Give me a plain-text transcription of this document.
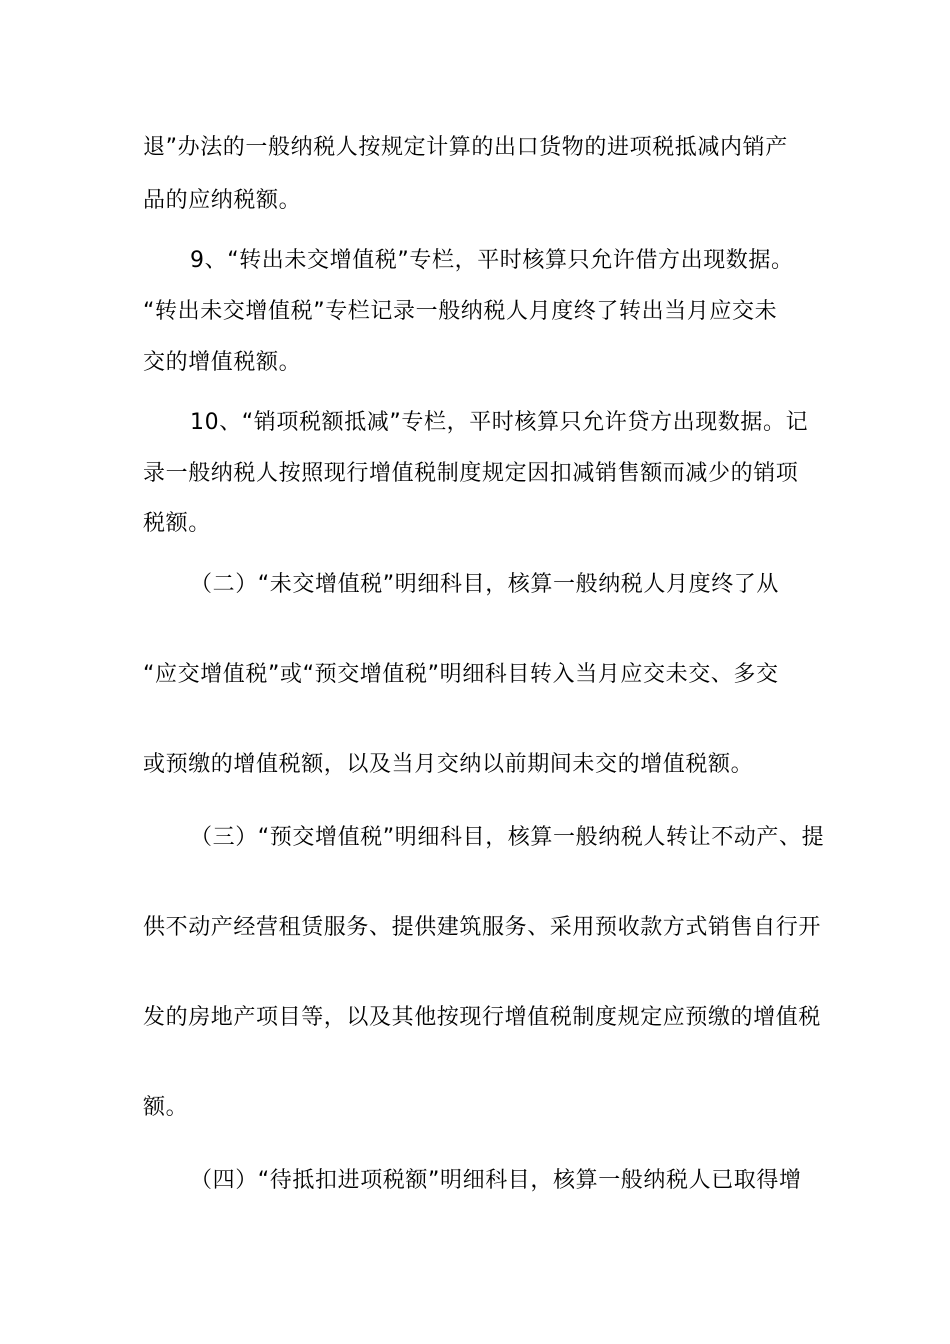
退”办法的一般纳税人按规定计算的出口货物的进项税抵减内销产
品的应纳税额。
9、“转出未交增值税”专栏，平时核算只允许借方出现数据。
“转出未交增值税”专栏记录一般纳税人月度终了转出当月应交未
交的增值税额。
10、“销项税额抵减”专栏，平时核算只允许贷方出现数据。记
录一般纳税人按照现行增值税制度规定因扣减销售额而减少的销项
税额。
（二）“未交增值税”明细科目，核算一般纳税人月度终了从
“应交增值税”或“预交增值税”明细科目转入当月应交未交、多交
或预缴的增值税额，以及当月交纳以前期间未交的增值税额。
（三）“预交增值税”明细科目，核算一般纳税人转让不动产、提
供不动产经营租赁服务、提供建筑服务、采用预收款方式销售自行开
发的房地产项目等，以及其他按现行增值税制度规定应预缴的增值税
额。
（四）“待抵扣进项税额”明细科目，核算一般纳税人已取得增
